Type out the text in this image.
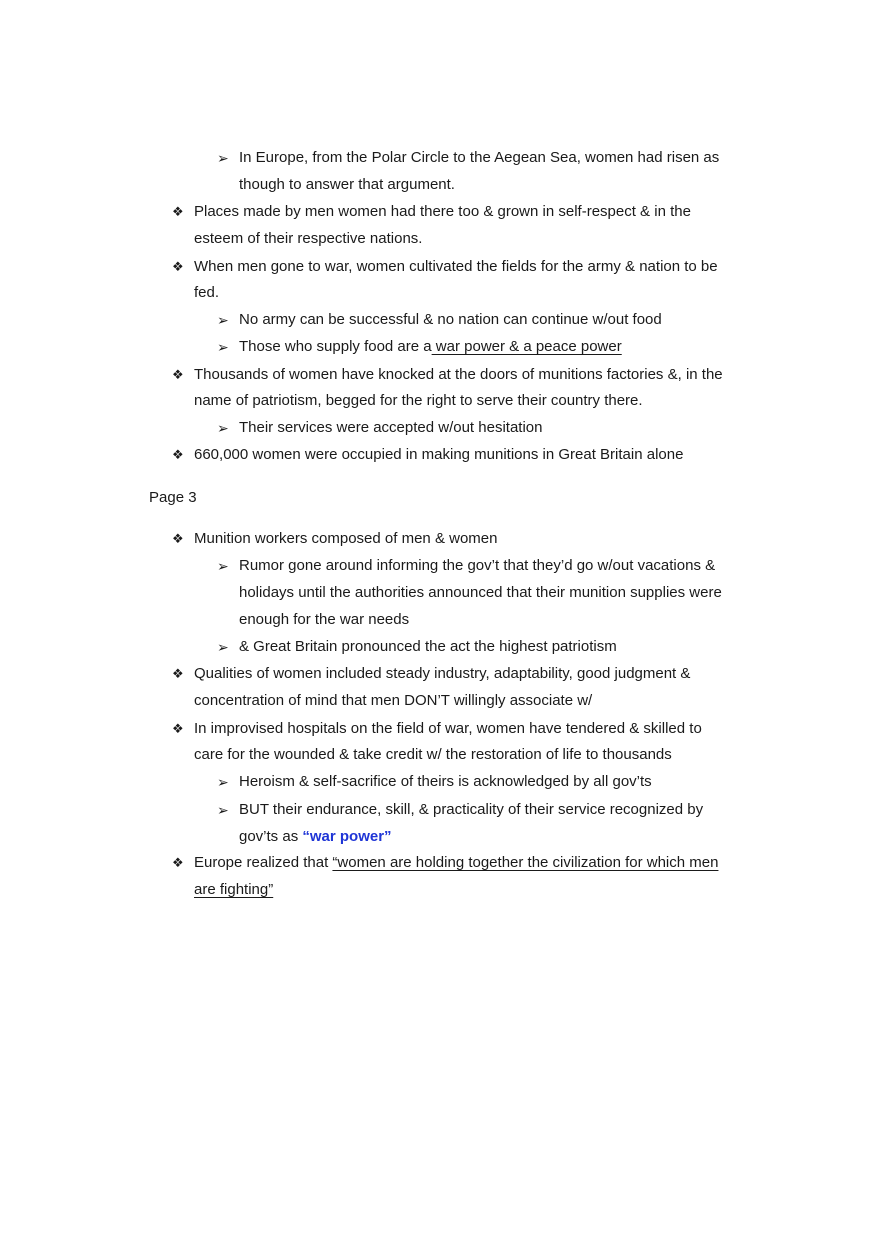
➢ In Europe, from the Polar Circle to the Aegean Sea, women had risen as
though to answer that argument.
❖ Places made by men women had there too & grown in self-respect & in the
esteem of their respective nations.
❖ When men gone to war, women cultivated the fields for the army & nation to be
fed.
➢ No army can be successful & no nation can continue w/out food
➢ Those who supply food are a war power & a peace power
❖ Thousands of women have knocked at the doors of munitions factories &, in the
name of patriotism, begged for the right to serve their country there.
➢ Their services were accepted w/out hesitation
❖ 660,000 women were occupied in making munitions in Great Britain alone
Page 3
❖ Munition workers composed of men & women
➢ Rumor gone around informing the gov’t that they’d go w/out vacations &
holidays until the authorities announced that their munition supplies were
enough for the war needs
➢ & Great Britain pronounced the act the highest patriotism
❖ Qualities of women included steady industry, adaptability, good judgment &
concentration of mind that men DON’T willingly associate w/
❖ In improvised hospitals on the field of war, women have tendered & skilled to
care for the wounded & take credit w/ the restoration of life to thousands
➢ Heroism & self-sacrifice of theirs is acknowledged by all gov’ts
➢ BUT their endurance, skill, & practicality of their service recognized by
gov’ts as “war power”
❖ Europe realized that “women are holding together the civilization for which men
are fighting”
